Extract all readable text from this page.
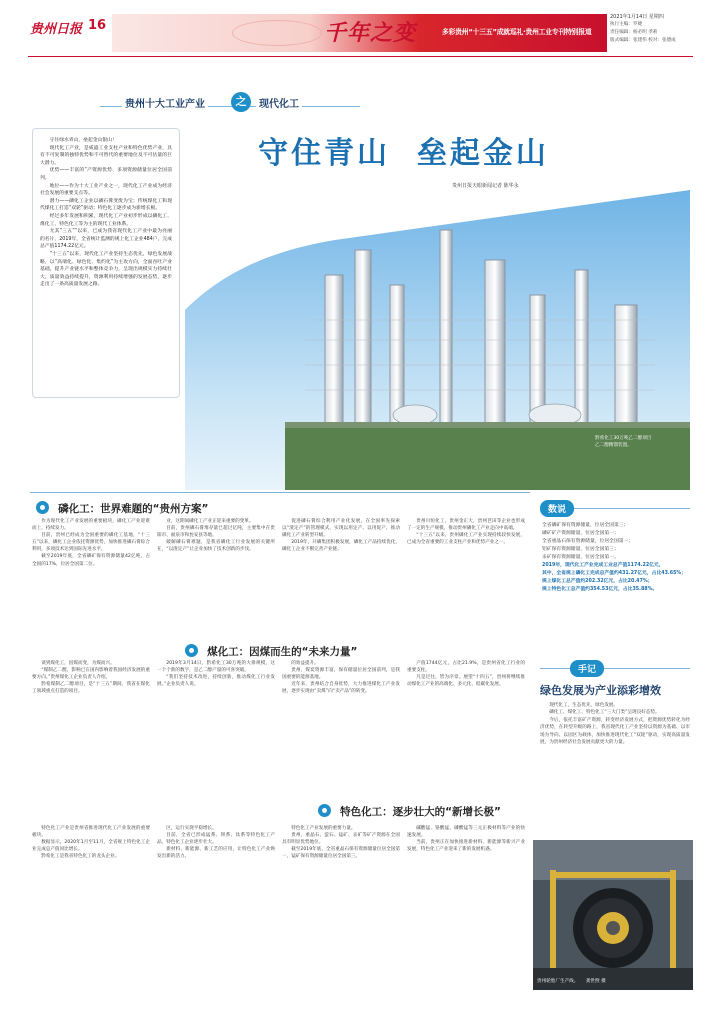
贵州日报 16	千年之变	多彩贵州“十三五”成就巡礼·贵州工业专刊特别报道
2021年1月14日 星期四
执行主编：罗婕
责任编辑：杨必明 孝莉
版式编辑：张建伟 校对：张德成
贵州十大工业产业	之	现代化工

守住绿水青山，垒起金山银山！

现代化工产业，是威盛工业支柱产业和特色优势产业，具有不可复制的独特优势和不可替代的重要地位及不可估量的巨大潜力。

优势——丰富的“产资源优势、多项资源储量位居全国前列。

地位——作为十大工业产业之一，现代化工产业成为经济社会发展的重要支点等。

潜力——磷化工企业以磷石膏变废为宝；传统煤化工和现代煤化工打造“双轮”驱动；特色化工逐步成为新增长极。

经过多年发展和积累，现代化工产业初步形成以磷化工、煤化工、特色化工等为主的现代工业体系。

尤其“三五”“以来，已成为我省现代化工产业中最为亮丽的名片，2019年，全省统计监测的规上化工企业484户，完成总产值1174.22亿元。

“十三五”以来，现代化工产业坚持生态优先，绿色发展战略，以“高端化、绿色化、集约化”为主攻方向，全面吞吐产业基础，提升产业链水平和整体竞争力，呈现出规模实力持续壮大，质量效益持续提升，资源利用持续增强的发展态势，逐步走出了一条高质量发展之路。

守住青山  垒起金山
贵州日报天眼新闻记者 陈华永
黔希化工30万吨乙二醇项目
乙二醇精馏装置。
磷化工：世界难题的“贵州方案”

作为现代化工产业发展的重要板块，磷化工产业迎难而上，持续发力。

目前，贵州已经成为全国重要的磷化工基地，“十三五”以来，磷化工企业依托资源优势，加快推进磷石膏综合利用，多项技术达到国际先进水平。

截至2019年底，全省磷矿保有资源储量42亿吨，占全国的17%，位居全国第二位。

业，这期间磷化工产业正迎来重要的变革。

目前，贵州磷石膏堆存量已超过亿吨，主要集中在贵阳市、福泉市和瓮安县等地。

破解磷石膏难题，是我省磷化工行业发展的关键所在，“以渣定产”让企业加快了技术创新的步伐。

促进磷石膏综合利用产业化发展，在全国率先探索以“渣定产”的管理模式，实现以用定产、以用促产，推动磷化工产业转型升级。

2019年，开磷集团积极发展，磷化工产品持续优化，磷化工企业不断完善产业链。

贵州川恒化工，贵州金正大，贵州芭田等企业也形成了一定的生产规模，推动贵州磷化工产业走向中高端。

“十三五”以来，贵州磷化工产业实现持续较快发展，已成为全省重要的工业支柱产业和优势产业之一。

数说
全省磷矿保有资源储量，位居全国第三；
磷矿矿产资源储量，位居全国第一；
全省重晶石保有资源储量，位居全国第一；
铝矿保有资源储量，位居全国第三；
汞矿保有资源储量，位居全国第一。
2019年，现代化工产业完成工业总产值1174.22亿元，
其中，全省规上磷化工完成总产值约431.27亿元，占比43.65%；
规上煤化工总产值约202.32亿元，占比20.47%；
规上特色化工总产值约354.53亿元，占比35.88%。
手记
绿色发展为产业添彩增效

现代化工，生态优先，绿色发展。

磷化工、煤化工、特色化工“三大门类”呈现良好态势。

今后，依托丰富矿产资源，转变经济发展方式，把资源优势转化为经济优势，在转型升级的路上，我省现代化工产业坚持以资源为基础、以市场为导向、以园区为载体，加快推进现代化工“双轮”驱动，实现高质量发展，为贵州经济社会发展贡献更大的力量。

煤化工：因煤而生的“未来力量”

谈到煤化工，因煤而变，为煤而兴。

“煤制乙二醇，影响已在国内影响着我国经济发展的重要方向。”贵州煤化工企业负责人介绍。

黔希煤制乙二醇项目，是“十三五”期间，我省在煤化工领域重点打造的项目。

2019年3月14日，黔希化工30万吨的大排规模，这一个个新的数字，是乙二醇产量的可喜突破。

“我们坚持技术改进，持续创新，推动煤化工行业发展。”企业负责人说。

的效益提升。

贵州，煤炭资源丰富，保有储量位居全国前列，是我国重要的能源基地。

近年来，贵州结合自身优势，大力推进煤化工产业发展，逐步实现由“卖煤”向“卖产品”的转变。

产值1744亿元，占比21.9%，是贵州省化工行业的重要支柱。

凡是过往，皆为序章。展望“十四五”，贵州将继续推动煤化工产业的高端化、多元化、低碳化发展。

特色化工：逐步壮大的“新增长极”

特色化工产业是贵州省推进现代化工产业发展的重要板块。

数据显示，2020年1月至11月，全省规上特色化工企业完成总产值同比增长。

黔希化工是我省特色化工的龙头企业。

区，运行实现平稳增长。

目前，全省已形成锰系、钡系、钛系等特色化工产品，特色化工企业逐步壮大。

新材料、新能源、新工艺的应用，让特色化工产业焕发出新的活力。

特色化工产业发展的重要力量。

贵州，重晶石、萤石、锰矿、汞矿等矿产资源在全国具有明显优势地位。

截至2019年底，全省重晶石保有资源储量位居全国第一，锰矿保有资源储量位居全国第三。

碱酸锰、铬酸锰、磷酸锰等三元正极材料等产业的快速发展。

当前，贵州正在加快推进新材料、新能源等新兴产业发展，特色化工产业迎来了新的发展机遇。

贵州轮胎厂生产线。 龚世煦 摄
